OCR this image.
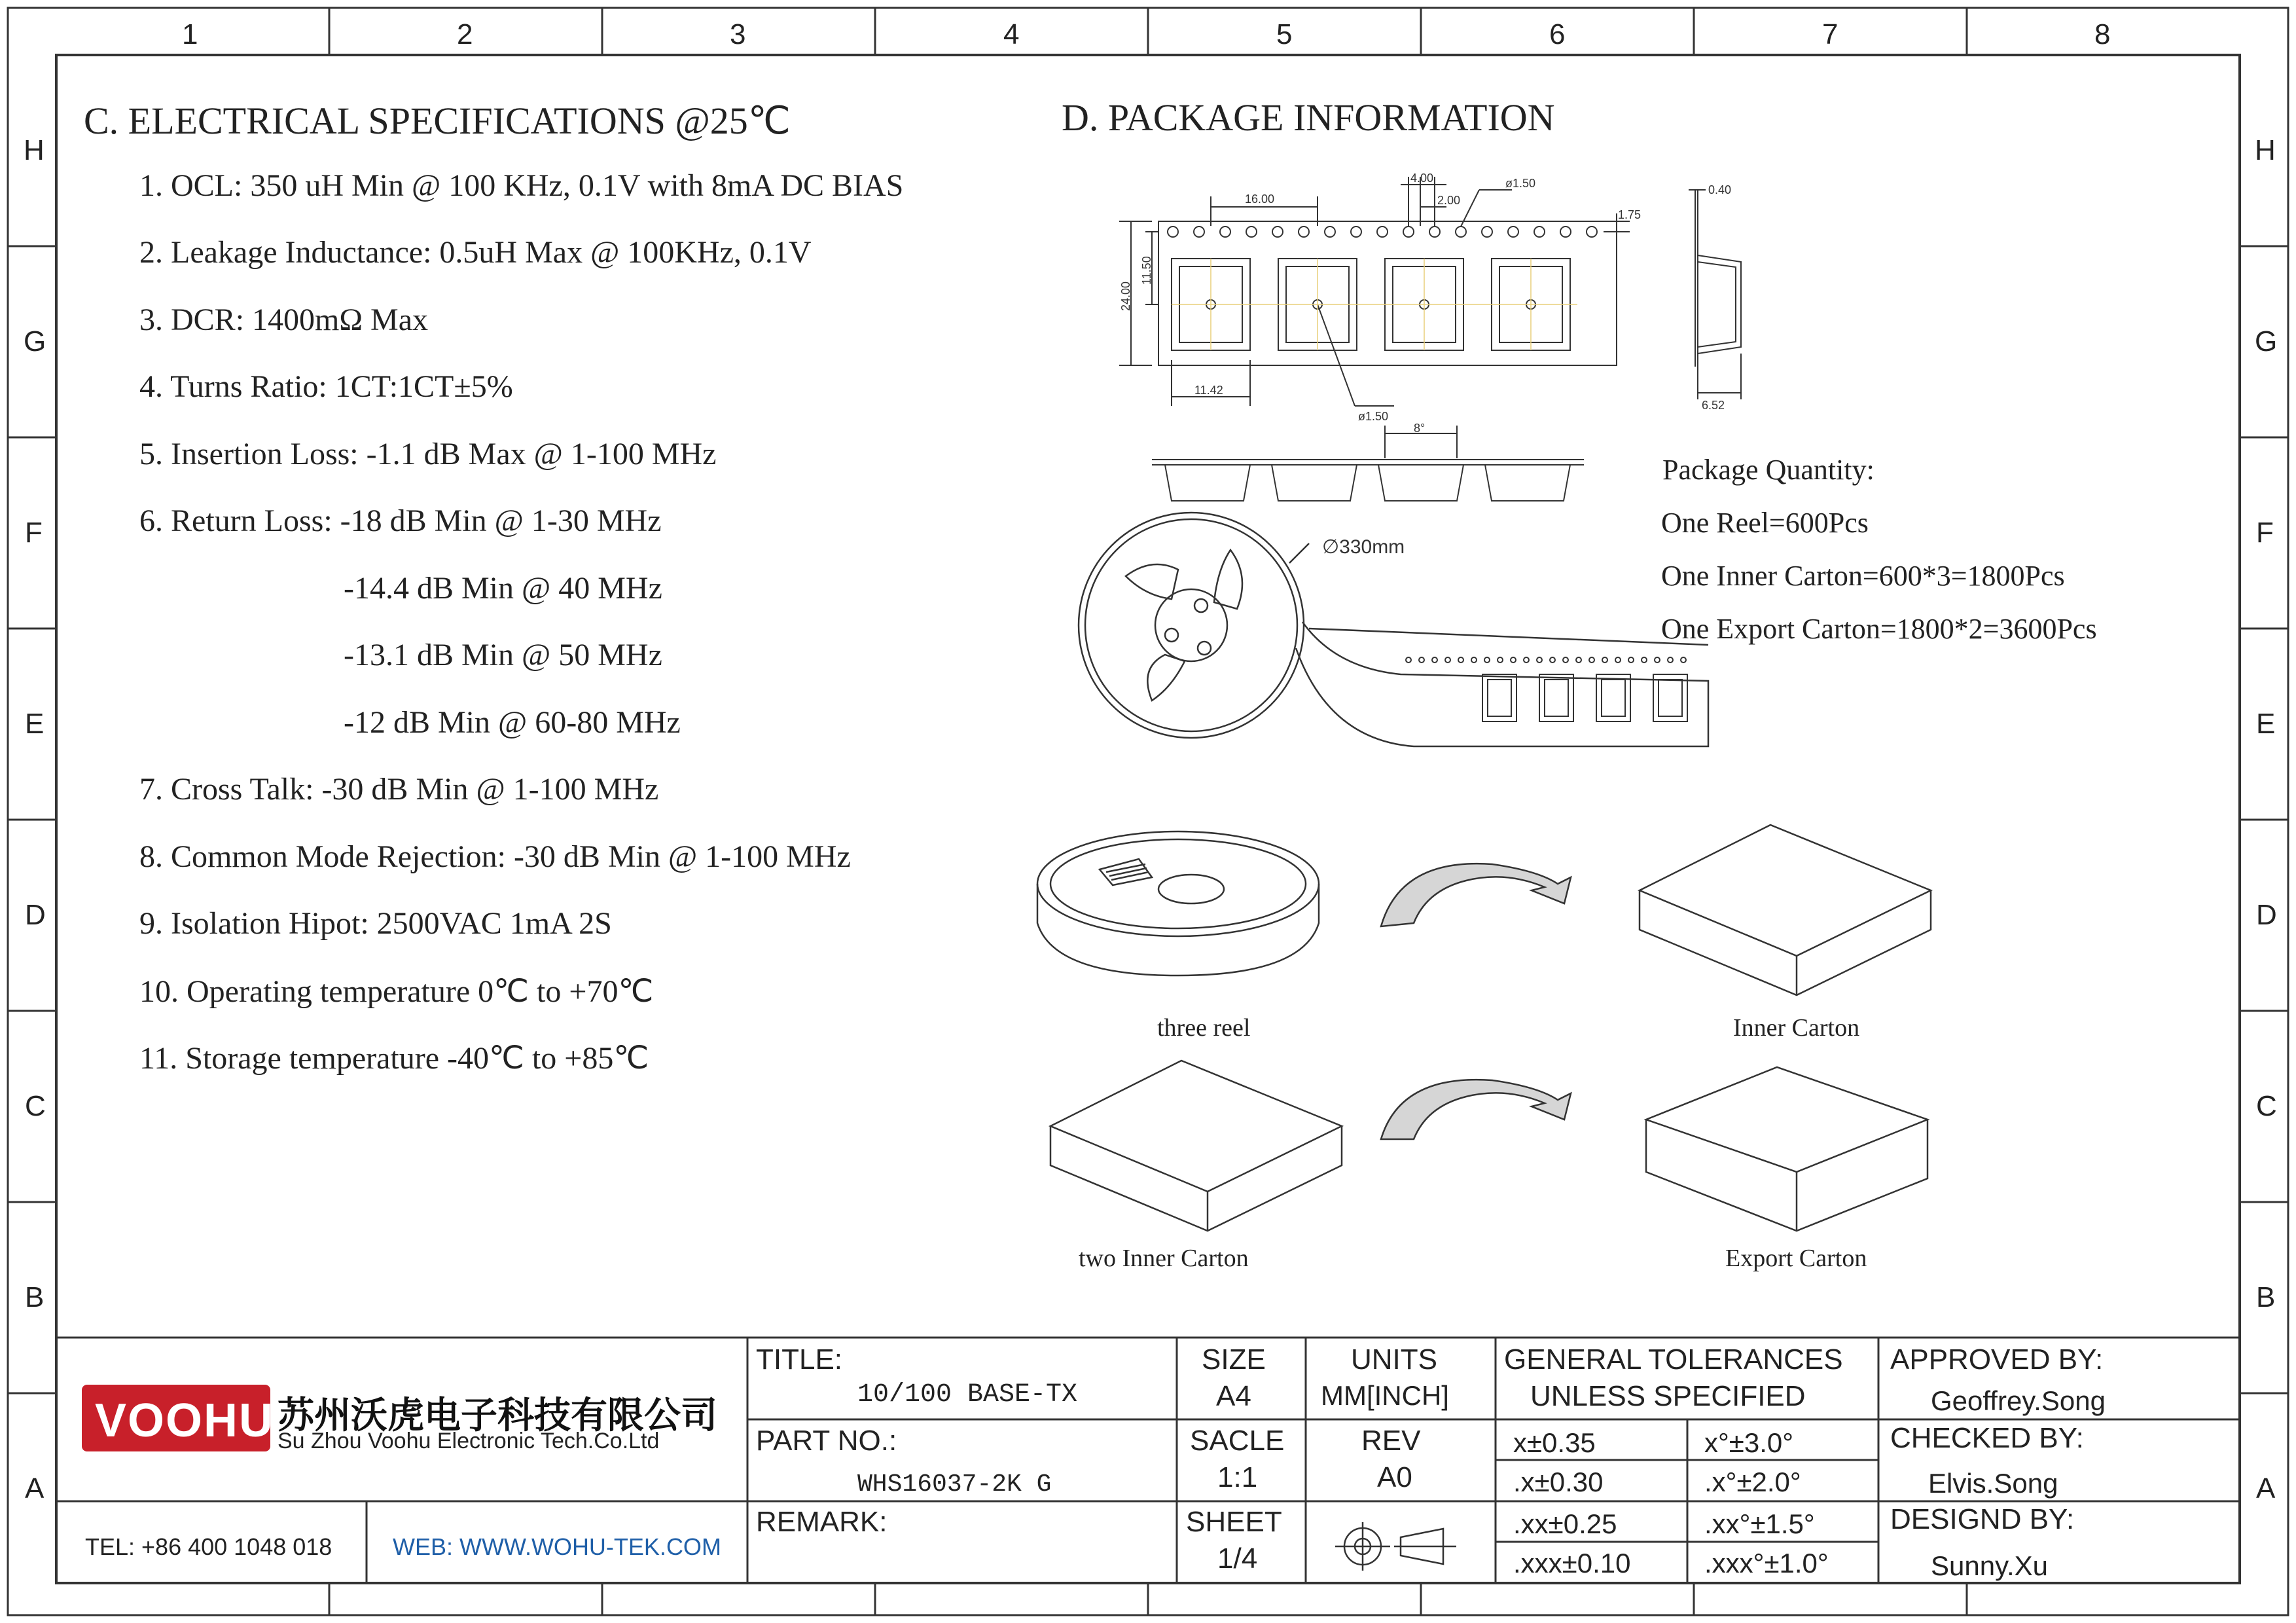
1	2	3	4	5	6	7	8
H
G
F
E
D
C
B
A
H
G
F
E
D
C
B
A
C. ELECTRICAL SPECIFICATIONS @25℃
1. OCL: 350 uH Min @ 100 KHz, 0.1V with 8mA DC BIAS
2. Leakage Inductance: 0.5uH Max @ 100KHz, 0.1V
3. DCR: 1400mΩ Max
4. Turns Ratio: 1CT:1CT±5%
5. Insertion Loss: -1.1 dB Max @ 1-100 MHz
6. Return Loss: -18 dB Min @ 1-30 MHz
-14.4 dB Min @ 40 MHz
-13.1 dB Min @ 50 MHz
-12 dB Min @ 60-80 MHz
7. Cross Talk: -30 dB Min @ 1-100 MHz
8. Common Mode Rejection: -30 dB Min @ 1-100 MHz
9. Isolation Hipot: 2500VAC 1mA 2S
10. Operating temperature 0℃ to +70℃
11. Storage temperature -40℃ to +85℃
D. PACKAGE INFORMATION
16.00
4.00
2.00
ø1.50
1.75
11.50
24.00
11.42
ø1.50
0.40
6.52
8°
∅330mm
Package Quantity:
One Reel=600Pcs
One Inner Carton=600*3=1800Pcs
One Export Carton=1800*2=3600Pcs
three reel	Inner Carton
two Inner Carton	Export Carton
VOOHU 苏州沃虎电子科技有限公司
Su Zhou Voohu Electronic Tech.Co.Ltd
TEL: +86 400 1048 018	WEB: WWW.WOHU-TEK.COM
TITLE:
10/100 BASE-TX
PART NO.:
WHS16037-2K G
REMARK:
SIZE
A4
SACLE
1:1
SHEET
1/4
UNITS
MM[INCH]
REV
A0
GENERAL TOLERANCES
UNLESS SPECIFIED
x±0.35	x°±3.0°
.x±0.30	.x°±2.0°
.xx±0.25	.xx°±1.5°
.xxx±0.10	.xxx°±1.0°
APPROVED BY:
Geoffrey.Song
CHECKED BY:
Elvis.Song
DESIGND BY:
Sunny.Xu
